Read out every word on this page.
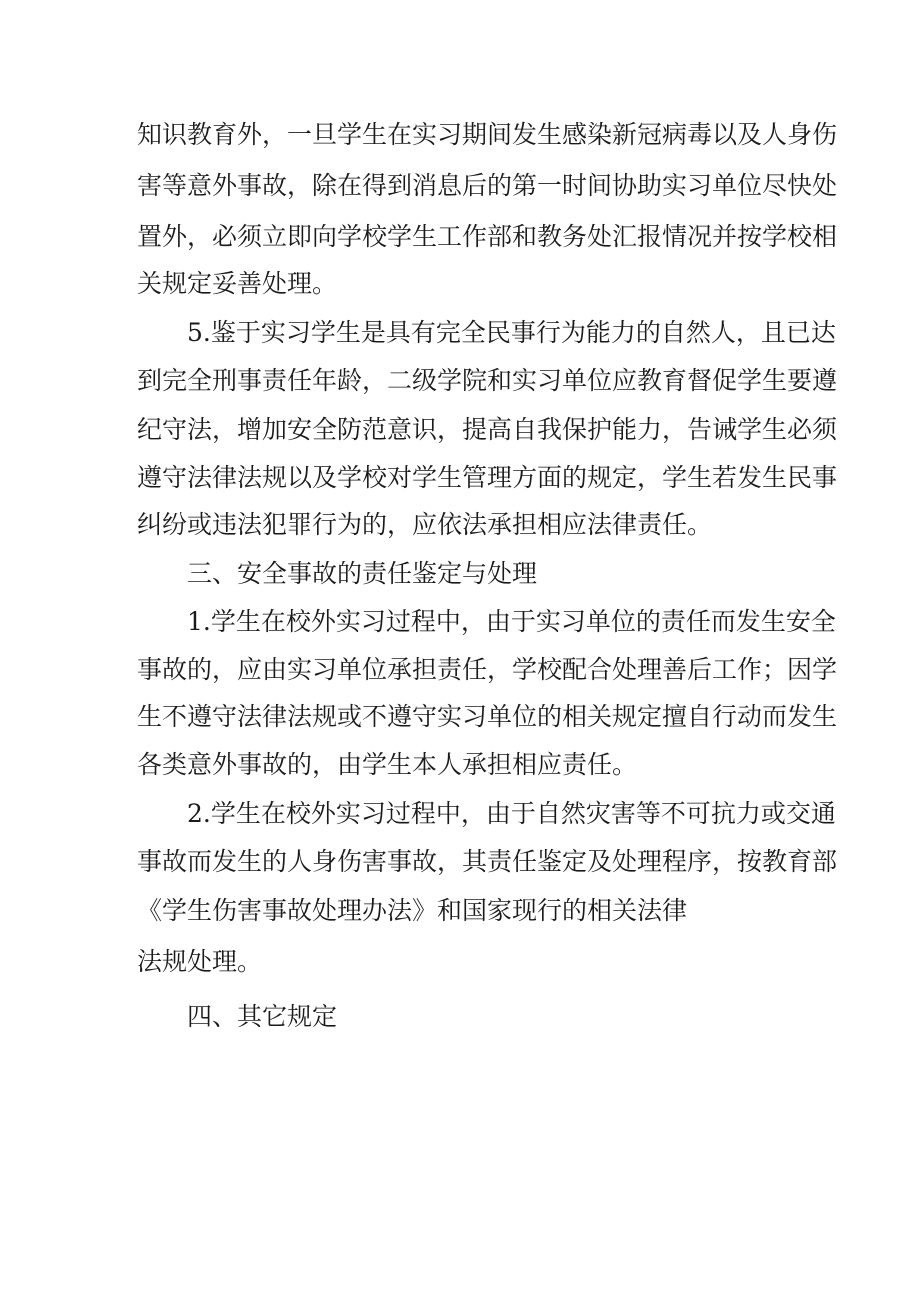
知识教育外，一旦学生在实习期间发生感染新冠病毒以及人身伤

害等意外事故，除在得到消息后的第一时间协助实习单位尽快处

置外，必须立即向学校学生工作部和教务处汇报情况并按学校相

关规定妥善处理。

5.鉴于实习学生是具有完全民事行为能力的自然人，且已达

到完全刑事责任年龄，二级学院和实习单位应教育督促学生要遵

纪守法，增加安全防范意识，提高自我保护能力，告诫学生必须

遵守法律法规以及学校对学生管理方面的规定，学生若发生民事

纠纷或违法犯罪行为的，应依法承担相应法律责任。

三、安全事故的责任鉴定与处理

1.学生在校外实习过程中，由于实习单位的责任而发生安全

事故的，应由实习单位承担责任，学校配合处理善后工作；因学

生不遵守法律法规或不遵守实习单位的相关规定擅自行动而发生

各类意外事故的，由学生本人承担相应责任。

2.学生在校外实习过程中，由于自然灾害等不可抗力或交通

事故而发生的人身伤害事故，其责任鉴定及处理程序，按教育部

《学生伤害事故处理办法》和国家现行的相关法律

法规处理。

四、其它规定
